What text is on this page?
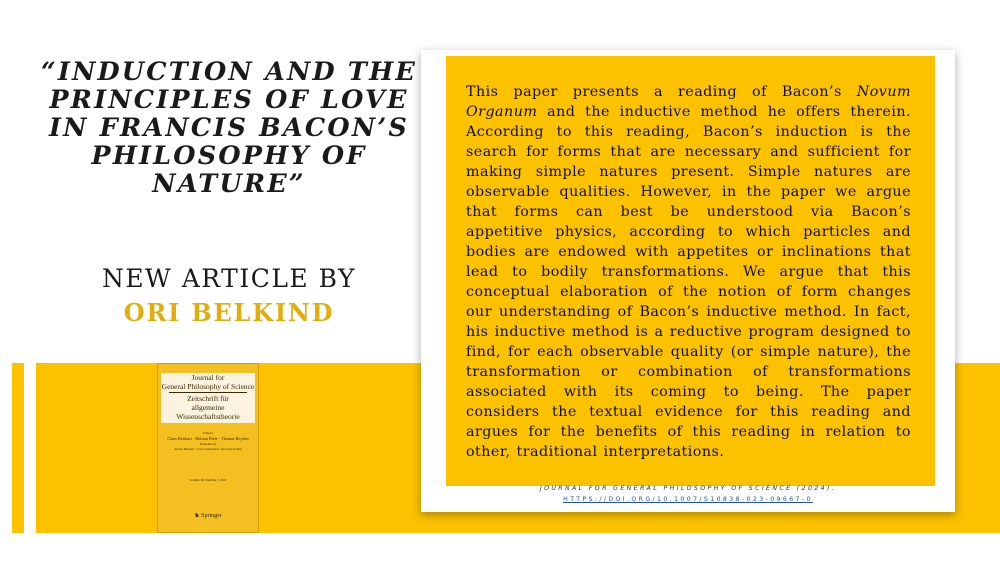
“INDUCTION AND THE PRINCIPLES OF LOVE IN FRANCIS BACON’S PHILOSOPHY OF NATURE”
NEW ARTICLE BY
ORI BELKIND
Journal for
General Philosophy of Science
Zeitschrift für
allgemeine Wissenschaftstheorie
Editors
Claus Beisbart · Helmut Pulte · Thomas Reydon
Founded by
Alwin Diemer · Lutz Geldsetzer and Gert König
Volume 48 Number 1 2017
♞ Springer

This paper presents a reading of Bacon’s Novum Organum and the inductive method he offers therein. According to this reading, Bacon’s induction is the search for forms that are necessary and sufficient for making simple natures present. Simple natures are observable qualities. However, in the paper we argue that forms can best be understood via Bacon’s appetitive physics, according to which particles and bodies are endowed with appetites or inclinations that lead to bodily transformations. We argue that this conceptual elaboration of the notion of form changes our understanding of Bacon’s inductive method. In fact, his inductive method is a reductive program designed to find, for each observable quality (or simple nature), the transformation or combination of transformations associated with its coming to being. The paper considers the textual evidence for this reading and argues for the benefits of this reading in relation to other, traditional interpretations.

JOURNAL FOR GENERAL PHILOSOPHY OF SCIENCE (2024).
HTTPS://DOI.ORG/10.1007/S10838-023-09667-0
